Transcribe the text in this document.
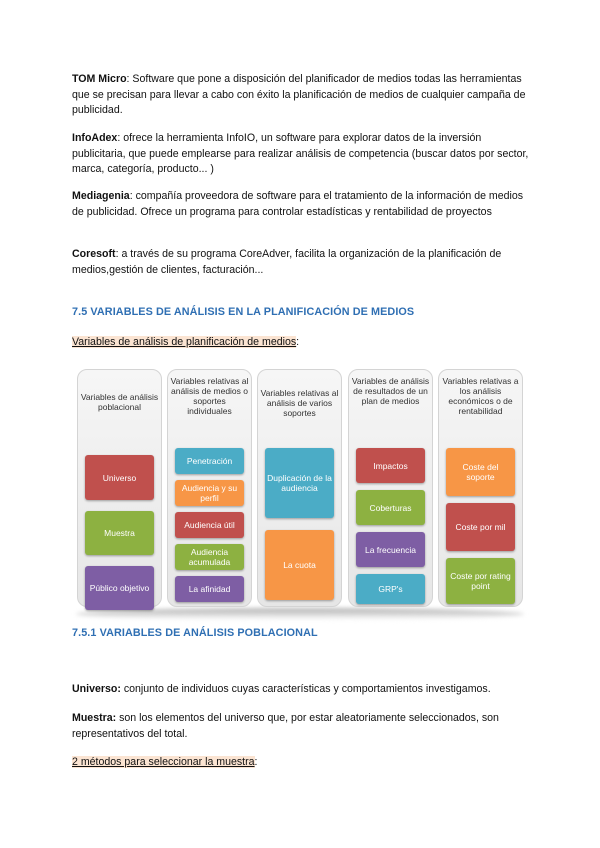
TOM Micro: Software que pone a disposición del planificador de medios todas las herramientas que se precisan para llevar a cabo con éxito la planificación de medios de cualquier campaña de publicidad.
InfoAdex: ofrece la herramienta InfoIO, un software para explorar datos de la inversión publicitaria, que puede emplearse para realizar análisis de competencia (buscar datos por sector, marca, categoría, producto... )
Mediagenia: compañía proveedora de software para el tratamiento de la información de medios de publicidad. Ofrece un programa para controlar estadísticas y rentabilidad de proyectos
Coresoft: a través de su programa CoreAdver, facilita la organización de la planificación de medios,gestión de clientes, facturación...
7.5 VARIABLES DE ANÁLISIS EN LA PLANIFICACIÓN DE MEDIOS
Variables de análisis de planificación de medios:
Variables de análisis poblacional
Universo
Muestra
Público objetivo
Variables relativas al análisis de medios o soportes individuales
Penetración
Audiencia y su perfil
Audiencia útil
Audiencia acumulada
La afinidad
Variables relativas al análisis de varios soportes
Duplicación de la audiencia
La cuota
Variables de análisis de resultados de un plan de medios
Impactos
Coberturas
La frecuencia
GRP's
Variables relativas a los análisis económicos o de rentabilidad
Coste del soporte
Coste por mil
Coste por rating point
7.5.1 VARIABLES DE ANÁLISIS POBLACIONAL
Universo: conjunto de individuos cuyas características y comportamientos investigamos.
Muestra: son los elementos del universo que, por estar aleatoriamente seleccionados, son representativos del total.
2 métodos para seleccionar la muestra:
